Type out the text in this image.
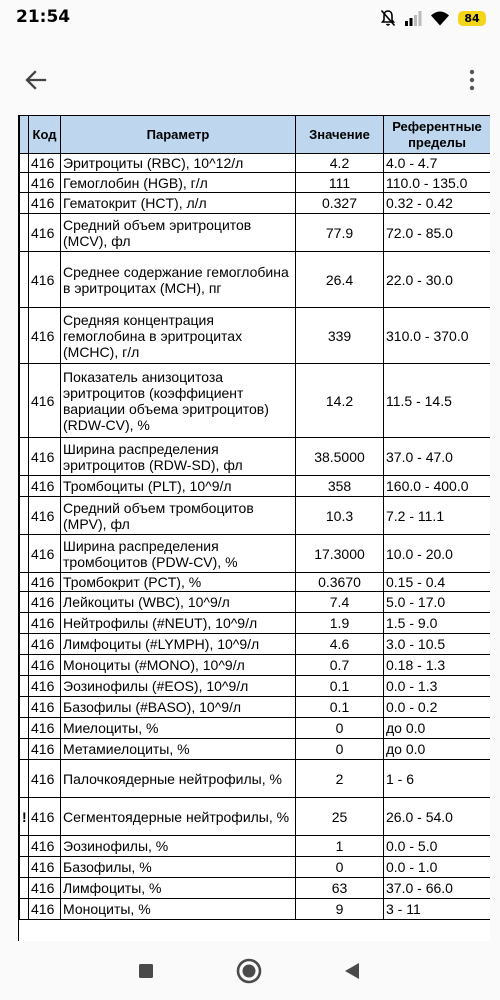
21:54	84
	Код	Параметр	Значение	Референтные пределы
	416	Эритроциты (RBC), 10^12/л	4.2	4.0 - 4.7
	416	Гемоглобин (HGB), г/л	111	110.0 - 135.0
	416	Гематокрит (HCT), л/л	0.327	0.32 - 0.42
	416	Средний объем эритроцитов (MCV), фл	77.9	72.0 - 85.0
	416	Среднее содержание гемоглобина в эритроцитах (MCH), пг	26.4	22.0 - 30.0
	416	Средняя концентрация гемоглобина в эритроцитах (MCHC), г/л	339	310.0 - 370.0
	416	Показатель анизоцитоза эритроцитов (коэффициент вариации объема эритроцитов) (RDW-CV), %	14.2	11.5 - 14.5
	416	Ширина распределения эритроцитов (RDW-SD), фл	38.5000	37.0 - 47.0
	416	Тромбоциты (PLT), 10^9/л	358	160.0 - 400.0
	416	Средний объем тромбоцитов (MPV), фл	10.3	7.2 - 11.1
	416	Ширина распределения тромбоцитов (PDW-CV), %	17.3000	10.0 - 20.0
	416	Тромбокрит (PCT), %	0.3670	0.15 - 0.4
	416	Лейкоциты (WBC), 10^9/л	7.4	5.0 - 17.0
	416	Нейтрофилы (#NEUT), 10^9/л	1.9	1.5 - 9.0
	416	Лимфоциты (#LYMPH), 10^9/л	4.6	3.0 - 10.5
	416	Моноциты (#MONO), 10^9/л	0.7	0.18 - 1.3
	416	Эозинофилы (#EOS), 10^9/л	0.1	0.0 - 1.3
	416	Базофилы (#BASO), 10^9/л	0.1	0.0 - 0.2
	416	Миелоциты, %	0	до 0.0
	416	Метамиелоциты, %	0	до 0.0
	416	Палочкоядерные нейтрофилы, %	2	1 - 6
!	416	Сегментоядерные нейтрофилы, %	25	26.0 - 54.0
	416	Эозинофилы, %	1	0.0 - 5.0
	416	Базофилы, %	0	0.0 - 1.0
	416	Лимфоциты, %	63	37.0 - 66.0
	416	Моноциты, %	9	3 - 11
